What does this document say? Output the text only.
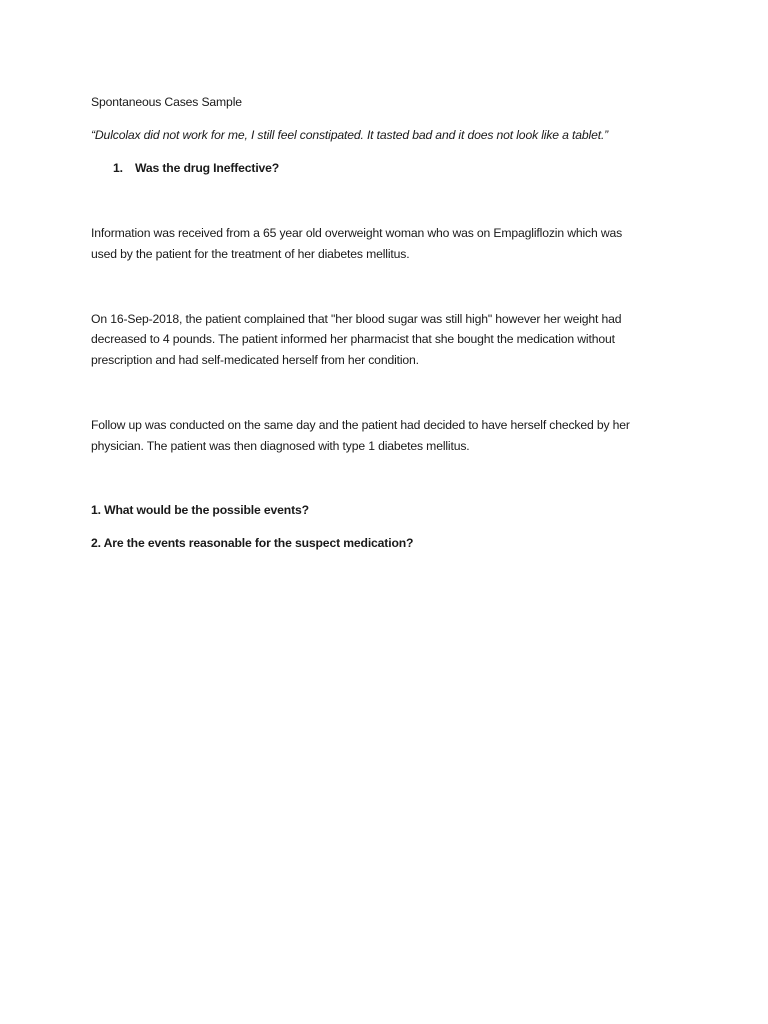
Spontaneous Cases Sample
“Dulcolax did not work for me, I still feel constipated. It tasted bad and it does not look like a tablet.”
1. Was the drug Ineffective?
Information was received from a 65 year old overweight woman who was on Empagliflozin which was
used by the patient for the treatment of her diabetes mellitus.
On 16-Sep-2018, the patient complained that "her blood sugar was still high" however her weight had
decreased to 4 pounds. The patient informed her pharmacist that she bought the medication without
prescription and had self-medicated herself from her condition.
Follow up was conducted on the same day and the patient had decided to have herself checked by her
physician. The patient was then diagnosed with type 1 diabetes mellitus.
1. What would be the possible events?
2. Are the events reasonable for the suspect medication?
